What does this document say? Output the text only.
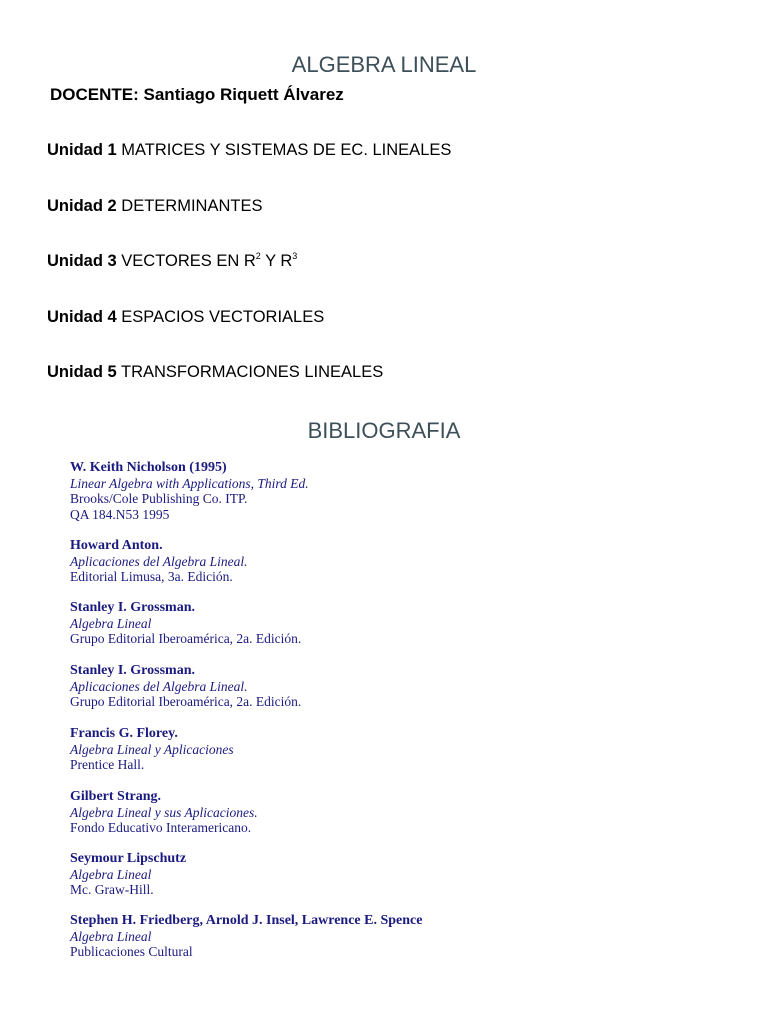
ALGEBRA LINEAL
DOCENTE: Santiago Riquett Álvarez
Unidad 1 MATRICES Y SISTEMAS DE EC. LINEALES
Unidad 2 DETERMINANTES
Unidad 3 VECTORES EN $R^2$ Y $R^3$
Unidad 4 ESPACIOS VECTORIALES
Unidad 5 TRANSFORMACIONES LINEALES
BIBLIOGRAFIA
W. Keith Nicholson (1995)
Linear Algebra with Applications, Third Ed.
Brooks/Cole Publishing Co. ITP.
QA 184.N53 1995
Howard Anton.
Aplicaciones del Algebra Lineal.
Editorial Limusa, 3a. Edición.
Stanley I. Grossman.
Algebra Lineal
Grupo Editorial Iberoamérica, 2a. Edición.
Stanley I. Grossman.
Aplicaciones del Algebra Lineal.
Grupo Editorial Iberoamérica, 2a. Edición.
Francis G. Florey.
Algebra Lineal y Aplicaciones
Prentice Hall.
Gilbert Strang.
Algebra Lineal y sus Aplicaciones.
Fondo Educativo Interamericano.
Seymour Lipschutz
Algebra Lineal
Mc. Graw-Hill.
Stephen H. Friedberg, Arnold J. Insel, Lawrence E. Spence
Algebra Lineal
Publicaciones Cultural
